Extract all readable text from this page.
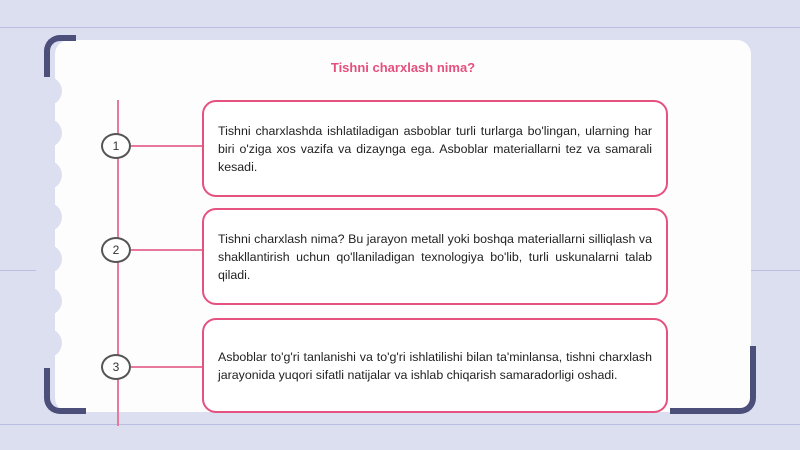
Tishni charxlash nima?
1

Tishni charxlashda ishlatiladigan asboblar turli turlarga bo'lingan, ularning har biri o'ziga xos vazifa va dizaynga ega. Asboblar materiallarni tez va samarali kesadi.

2

Tishni charxlash nima? Bu jarayon metall yoki boshqa materiallarni silliqlash va shakllantirish uchun qo'llaniladigan texnologiya bo'lib, turli uskunalarni talab qiladi.

3

Asboblar to'g'ri tanlanishi va to'g'ri ishlatilishi bilan ta'minlansa, tishni charxlash jarayonida yuqori sifatli natijalar va ishlab chiqarish samaradorligi oshadi.
